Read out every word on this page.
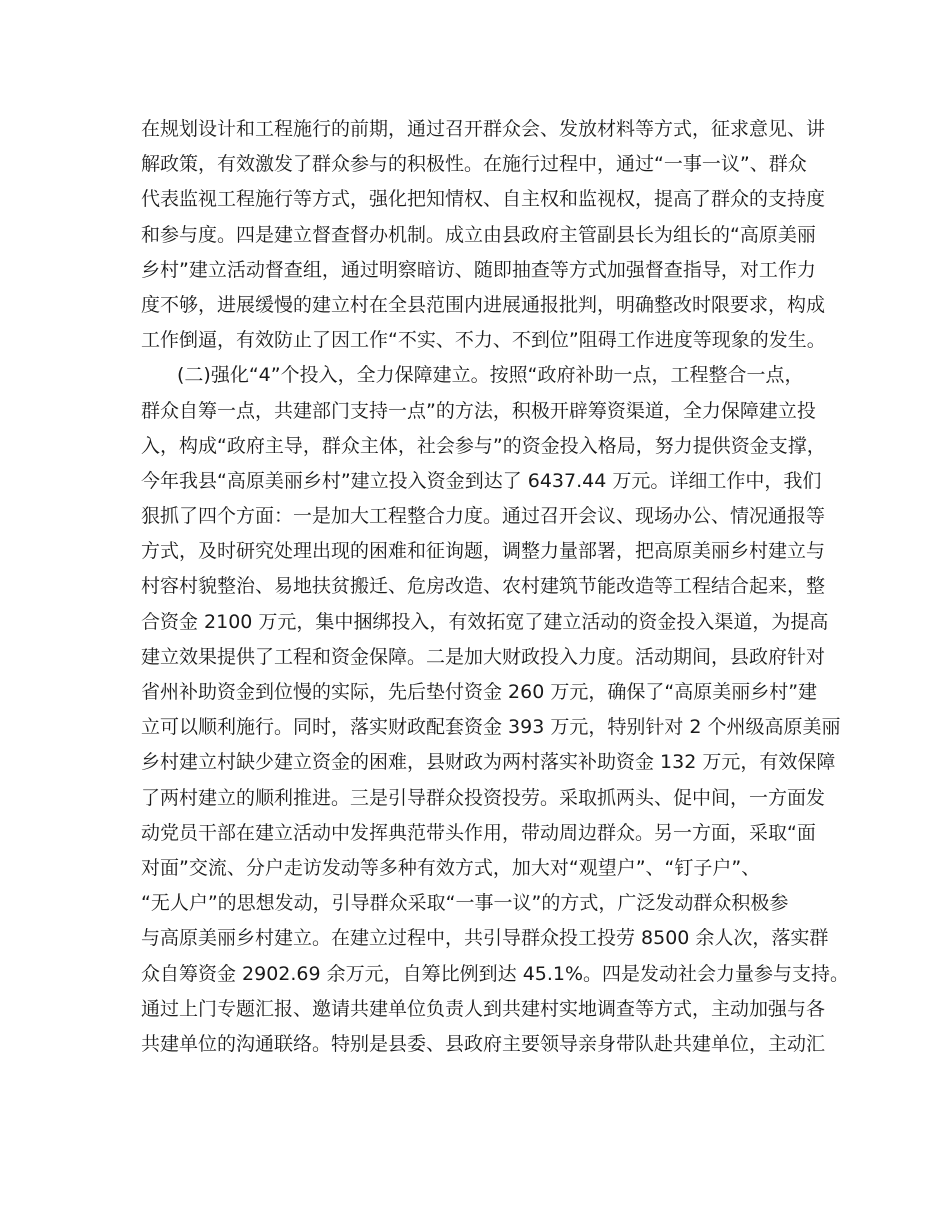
在规划设计和工程施行的前期，通过召开群众会、发放材料等方式，征求意见、讲
解政策，有效激发了群众参与的积极性。在施行过程中，通过“一事一议”、群众
代表监视工程施行等方式，强化把知情权、自主权和监视权，提高了群众的支持度
和参与度。四是建立督查督办机制。成立由县政府主管副县长为组长的“高原美丽
乡村”建立活动督查组，通过明察暗访、随即抽查等方式加强督查指导，对工作力
度不够，进展缓慢的建立村在全县范围内进展通报批判，明确整改时限要求，构成
工作倒逼，有效防止了因工作“不实、不力、不到位”阻碍工作进度等现象的发生。
(二)强化“4”个投入，全力保障建立。按照“政府补助一点，工程整合一点，
群众自筹一点，共建部门支持一点”的方法，积极开辟筹资渠道，全力保障建立投
入，构成“政府主导，群众主体，社会参与”的资金投入格局，努力提供资金支撑，
今年我县“高原美丽乡村”建立投入资金到达了 6437.44 万元。详细工作中，我们
狠抓了四个方面：一是加大工程整合力度。通过召开会议、现场办公、情况通报等
方式，及时研究处理出现的困难和征询题，调整力量部署，把高原美丽乡村建立与
村容村貌整治、易地扶贫搬迁、危房改造、农村建筑节能改造等工程结合起来，整
合资金 2100 万元，集中捆绑投入，有效拓宽了建立活动的资金投入渠道，为提高
建立效果提供了工程和资金保障。二是加大财政投入力度。活动期间，县政府针对
省州补助资金到位慢的实际，先后垫付资金 260 万元，确保了“高原美丽乡村”建
立可以顺利施行。同时，落实财政配套资金 393 万元，特别针对 2 个州级高原美丽
乡村建立村缺少建立资金的困难，县财政为两村落实补助资金 132 万元，有效保障
了两村建立的顺利推进。三是引导群众投资投劳。采取抓两头、促中间，一方面发
动党员干部在建立活动中发挥典范带头作用，带动周边群众。另一方面，采取“面
对面”交流、分户走访发动等多种有效方式，加大对“观望户”、“钉子户”、
“无人户”的思想发动，引导群众采取“一事一议”的方式，广泛发动群众积极参
与高原美丽乡村建立。在建立过程中，共引导群众投工投劳 8500 余人次，落实群
众自筹资金 2902.69 余万元，自筹比例到达 45.1%。四是发动社会力量参与支持。
通过上门专题汇报、邀请共建单位负责人到共建村实地调查等方式，主动加强与各
共建单位的沟通联络。特别是县委、县政府主要领导亲身带队赴共建单位，主动汇
